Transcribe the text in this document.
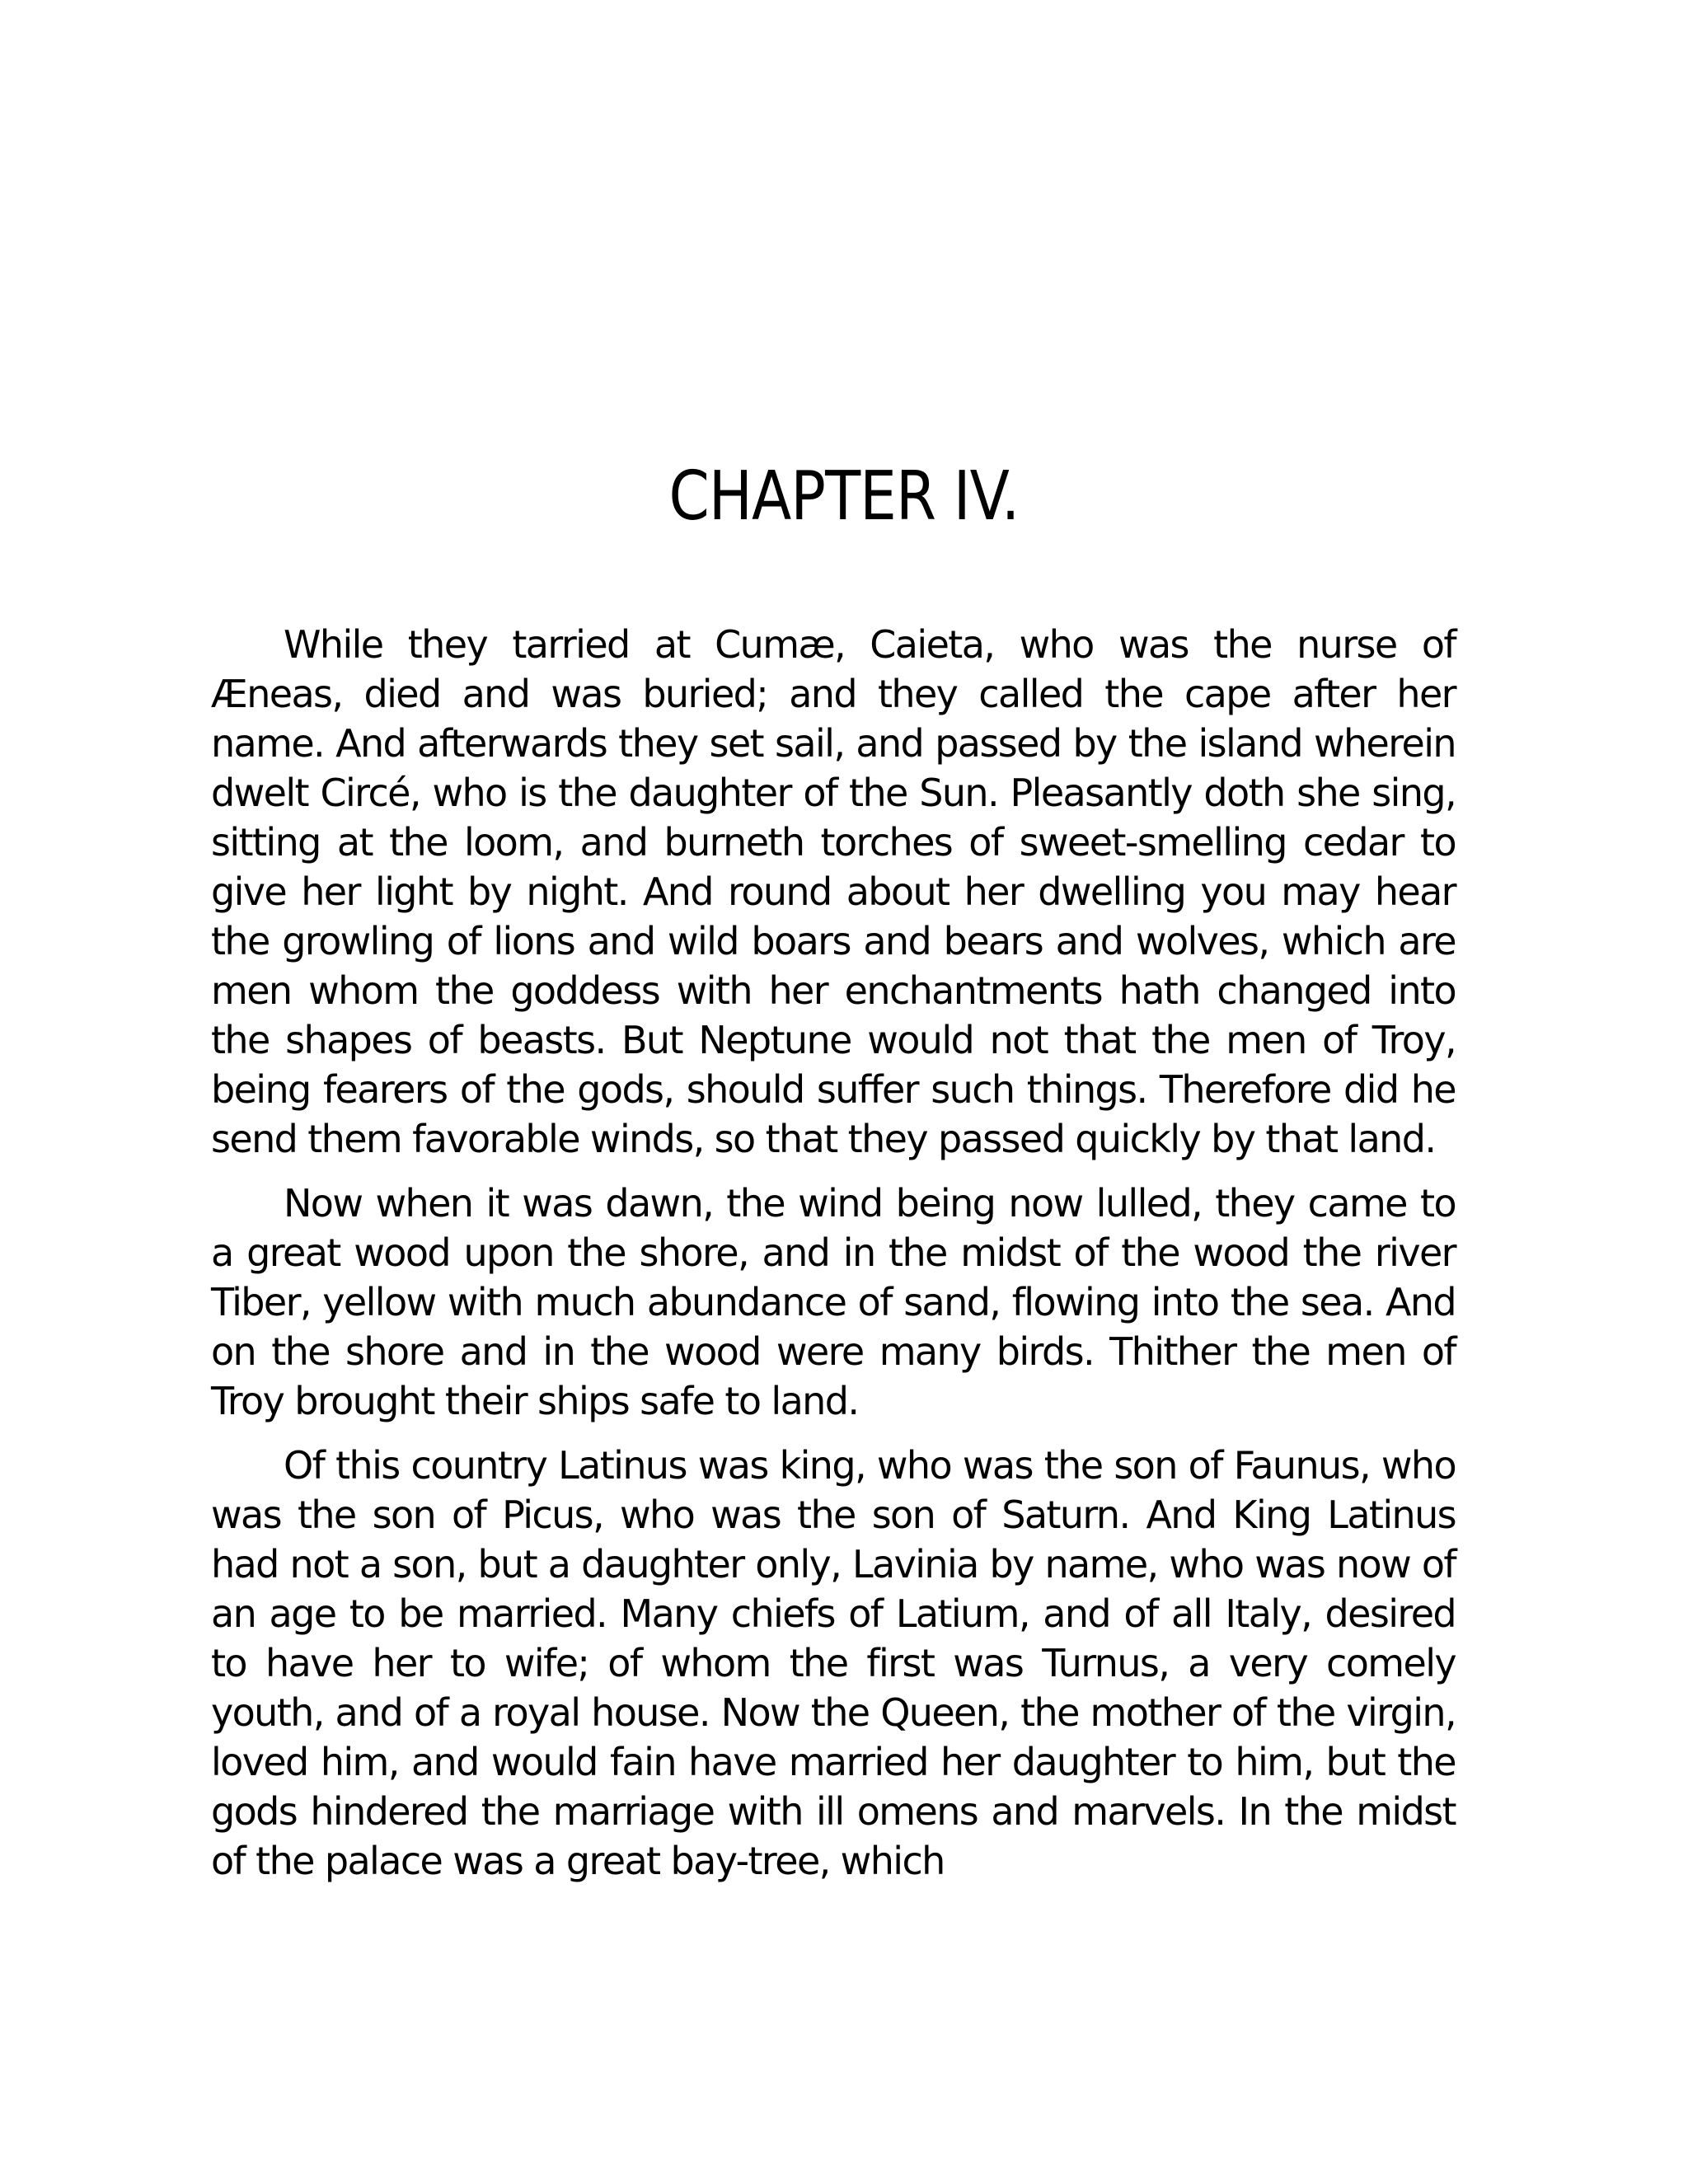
CHAPTER IV.

While they tarried at Cumæ, Caieta, who was the nurse of Æneas, died and was buried; and they called the cape after her name. And afterwards they set sail, and passed by the island wherein dwelt Circé, who is the daughter of the Sun. Pleasantly doth she sing, sitting at the loom, and burneth torches of sweet-smelling cedar to give her light by night. And round about her dwelling you may hear the growling of lions and wild boars and bears and wolves, which are men whom the goddess with her enchantments hath changed into the shapes of beasts. But Neptune would not that the men of Troy, being fearers of the gods, should suffer such things. Therefore did he send them favorable winds, so that they passed quickly by that land.

Now when it was dawn, the wind being now lulled, they came to a great wood upon the shore, and in the midst of the wood the river Tiber, yellow with much abundance of sand, flowing into the sea. And on the shore and in the wood were many birds. Thither the men of Troy brought their ships safe to land.

Of this country Latinus was king, who was the son of Faunus, who was the son of Picus, who was the son of Saturn. And King Latinus had not a son, but a daughter only, Lavinia by name, who was now of an age to be married. Many chiefs of Latium, and of all Italy, desired to have her to wife; of whom the first was Turnus, a very comely youth, and of a royal house. Now the Queen, the mother of the virgin, loved him, and would fain have married her daughter to him, but the gods hindered the marriage with ill omens and marvels. In the midst of the palace was a great bay-tree, which
